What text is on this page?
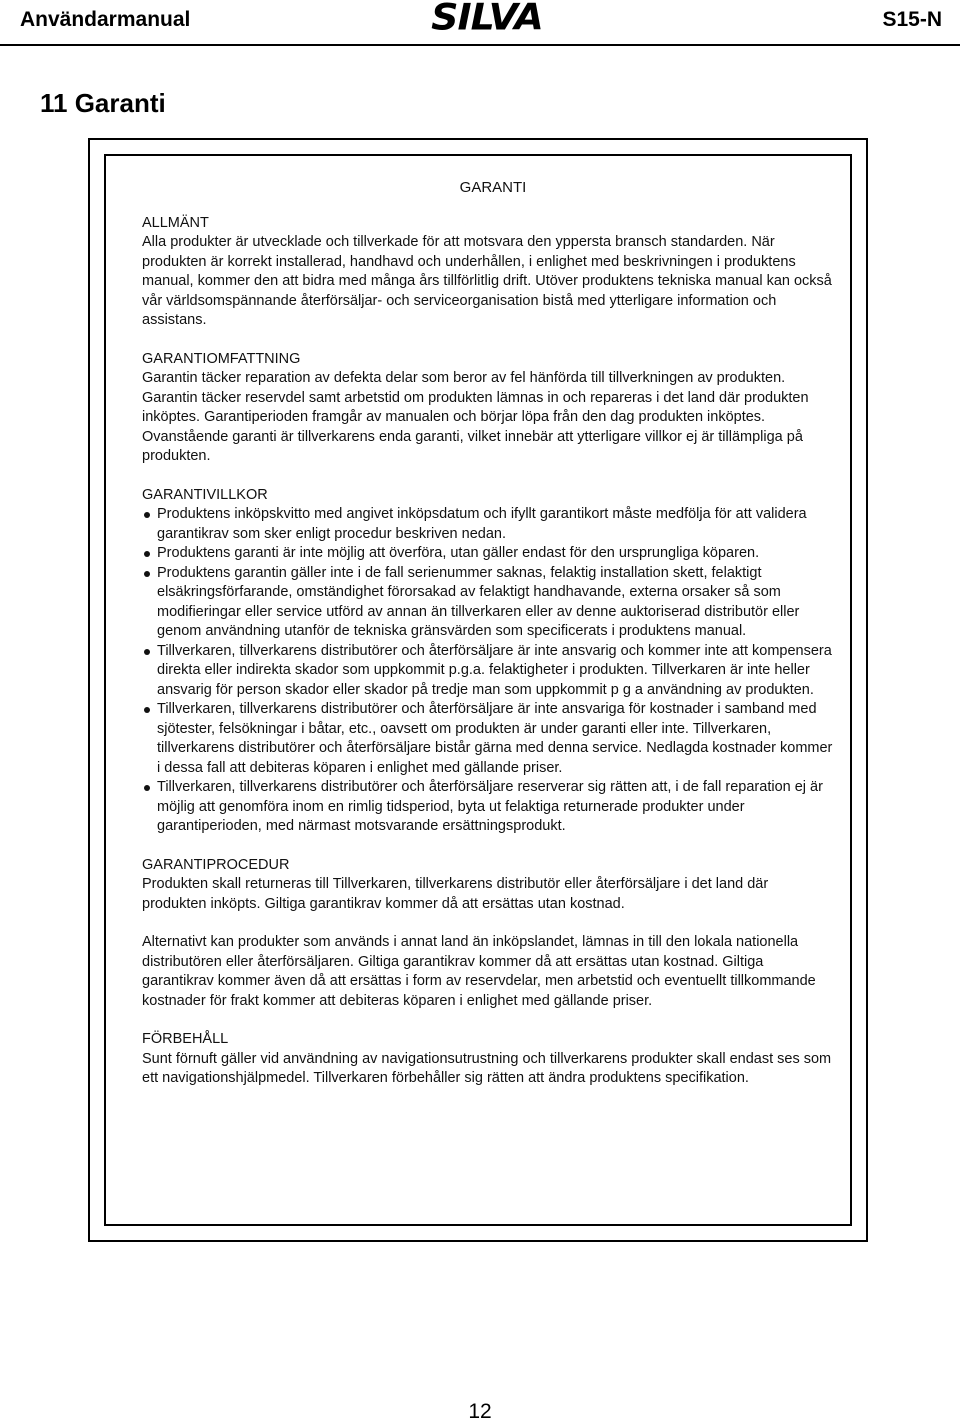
Användarmanual	SILVA	S15-N
11 Garanti
GARANTI
ALLMÄNT

Alla produkter är utvecklade och tillverkade för att motsvara den yppersta bransch standarden. När produkten är korrekt installerad, handhavd och underhållen, i enlighet med beskrivningen i produktens manual, kommer den att bidra med många års tillförlitlig drift. Utöver produktens tekniska manual kan också vår världsomspännande återförsäljar- och serviceorganisation bistå med ytterligare information och assistans.

GARANTIOMFATTNING

Garantin täcker reparation av defekta delar som beror av fel hänförda till tillverkningen av produkten. Garantin täcker reservdel samt arbetstid om produkten lämnas in och repareras i det land där produkten inköptes. Garantiperioden framgår av manualen och börjar löpa från den dag produkten inköptes. Ovanstående garanti är tillverkarens enda garanti, vilket innebär att ytterligare villkor ej är tillämpliga på produkten.

GARANTIVILLKOR
Produktens inköpskvitto med angivet inköpsdatum och ifyllt garantikort måste medfölja för att validera garantikrav som sker enligt procedur beskriven nedan.
Produktens garanti är inte möjlig att överföra, utan gäller endast för den ursprungliga köparen.
Produktens garantin gäller inte i de fall serienummer saknas, felaktig installation skett, felaktigt elsäkringsförfarande, omständighet förorsakad av felaktigt handhavande, externa orsaker så som modifieringar eller service utförd av annan än tillverkaren eller av denne auktoriserad distributör eller genom användning utanför de tekniska gränsvärden som specificerats i produktens manual.
Tillverkaren, tillverkarens distributörer och återförsäljare är inte ansvarig och kommer inte att kompensera direkta eller indirekta skador som uppkommit p.g.a. felaktigheter i produkten. Tillverkaren är inte heller ansvarig för person skador eller skador på tredje man som uppkommit p g a användning av produkten.
Tillverkaren, tillverkarens distributörer och återförsäljare är inte ansvariga för kostnader i samband med sjötester, felsökningar i båtar, etc., oavsett om produkten är under garanti eller inte. Tillverkaren, tillverkarens distributörer och återförsäljare bistår gärna med denna service. Nedlagda kostnader kommer i dessa fall att debiteras köparen i enlighet med gällande priser.
Tillverkaren, tillverkarens distributörer och återförsäljare reserverar sig rätten att, i de fall reparation ej är möjlig att genomföra inom en rimlig tidsperiod, byta ut felaktiga returnerade produkter under garantiperioden, med närmast motsvarande ersättningsprodukt.
GARANTIPROCEDUR

Produkten skall returneras till Tillverkaren, tillverkarens distributör eller återförsäljare i det land där produkten inköpts. Giltiga garantikrav kommer då att ersättas utan kostnad.

Alternativt kan produkter som används i annat land än inköpslandet, lämnas in till den lokala nationella distributören eller återförsäljaren. Giltiga garantikrav kommer då att ersättas utan kostnad. Giltiga garantikrav kommer även då att ersättas i form av reservdelar, men arbetstid och eventuellt tillkommande kostnader för frakt kommer att debiteras köparen i enlighet med gällande priser.

FÖRBEHÅLL

Sunt förnuft gäller vid användning av navigationsutrustning och tillverkarens produkter skall endast ses som ett navigationshjälpmedel. Tillverkaren förbehåller sig rätten att ändra produktens specifikation.

12
